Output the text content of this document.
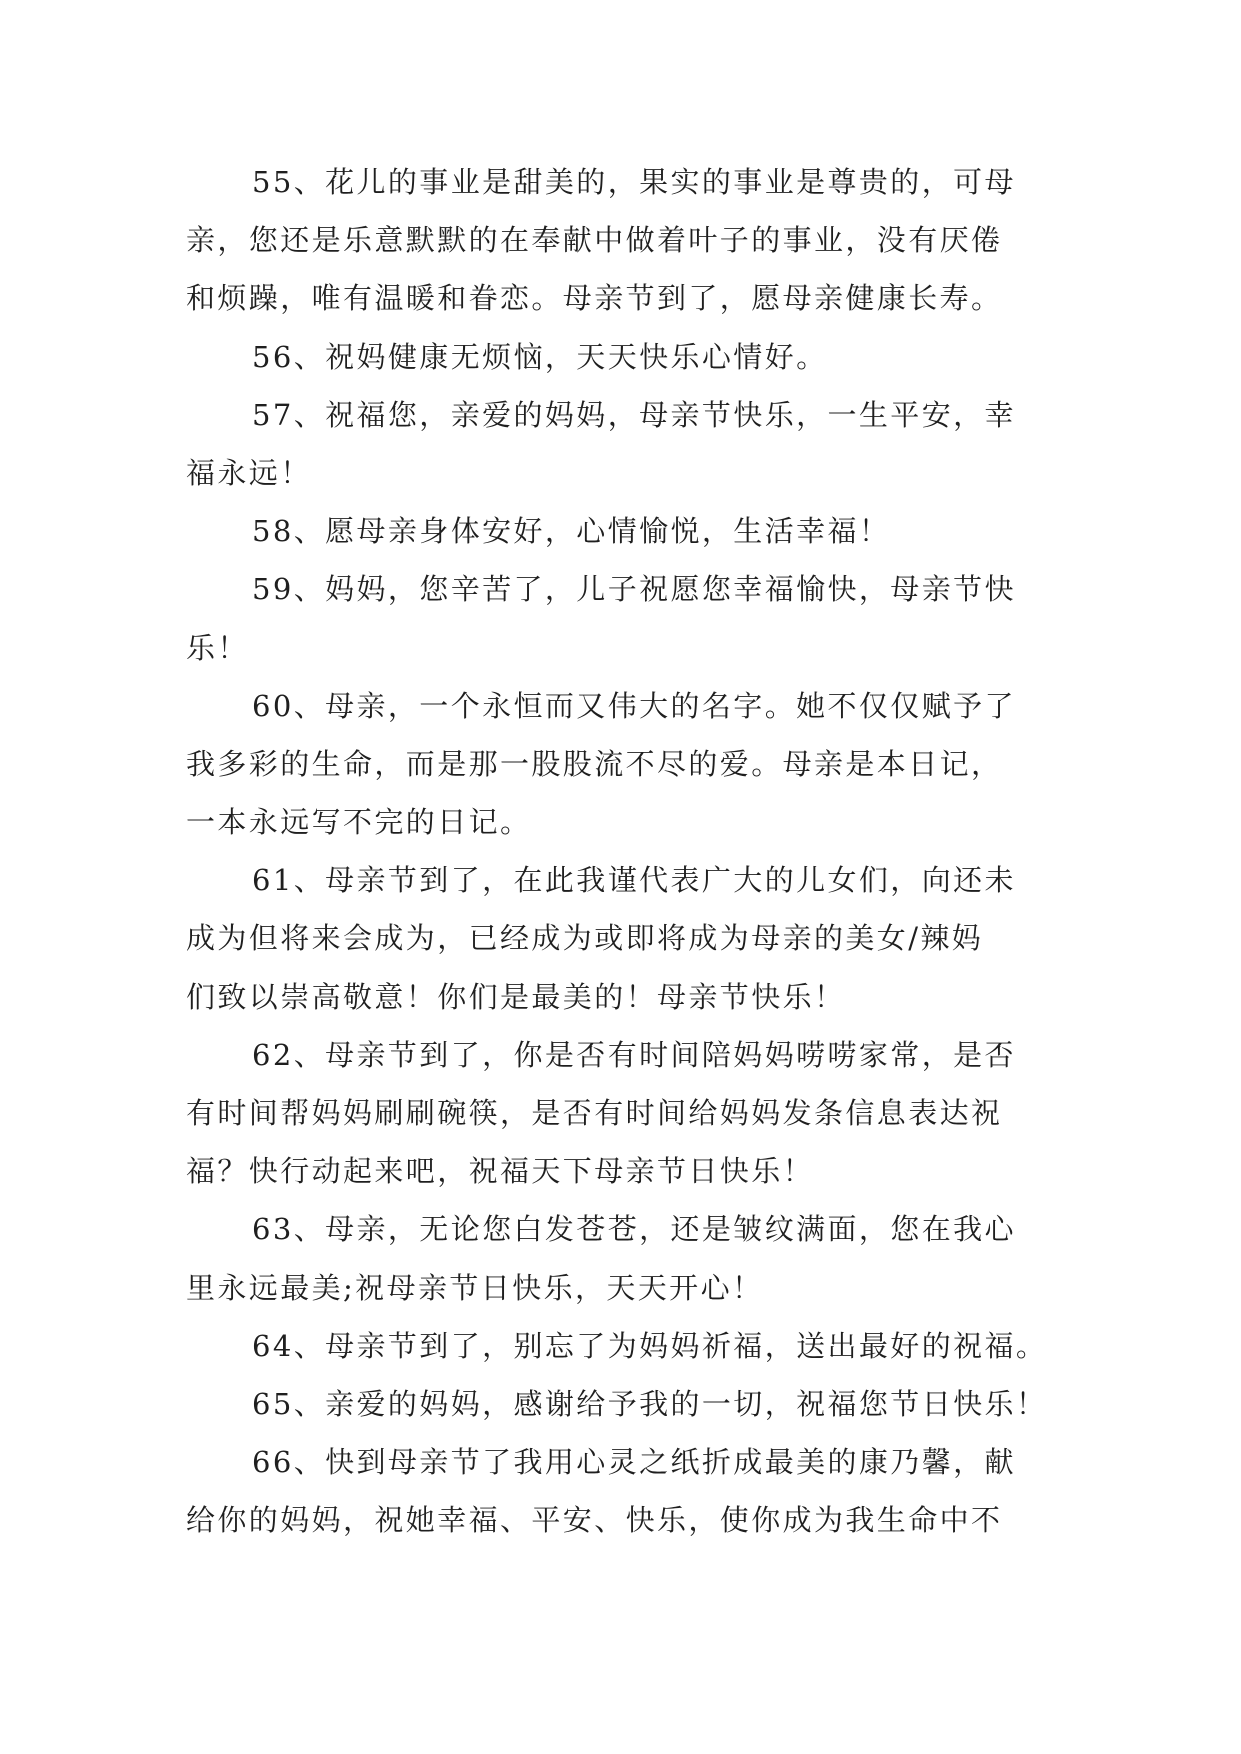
55、花儿的事业是甜美的，果实的事业是尊贵的，可母
亲，您还是乐意默默的在奉献中做着叶子的事业，没有厌倦
和烦躁，唯有温暖和眷恋。母亲节到了，愿母亲健康长寿。
56、祝妈健康无烦恼，天天快乐心情好。
57、祝福您，亲爱的妈妈，母亲节快乐，一生平安，幸
福永远！
58、愿母亲身体安好，心情愉悦，生活幸福！
59、妈妈，您辛苦了，儿子祝愿您幸福愉快，母亲节快
乐！
60、母亲，一个永恒而又伟大的名字。她不仅仅赋予了
我多彩的生命，而是那一股股流不尽的爱。母亲是本日记，
一本永远写不完的日记。
61、母亲节到了，在此我谨代表广大的儿女们，向还未
成为但将来会成为，已经成为或即将成为母亲的美女/辣妈
们致以崇高敬意！你们是最美的！母亲节快乐！
62、母亲节到了，你是否有时间陪妈妈唠唠家常，是否
有时间帮妈妈刷刷碗筷，是否有时间给妈妈发条信息表达祝
福？快行动起来吧，祝福天下母亲节日快乐！
63、母亲，无论您白发苍苍，还是皱纹满面，您在我心
里永远最美;祝母亲节日快乐，天天开心！
64、母亲节到了，别忘了为妈妈祈福，送出最好的祝福。
65、亲爱的妈妈，感谢给予我的一切，祝福您节日快乐！
66、快到母亲节了我用心灵之纸折成最美的康乃馨，献
给你的妈妈，祝她幸福、平安、快乐，使你成为我生命中不
